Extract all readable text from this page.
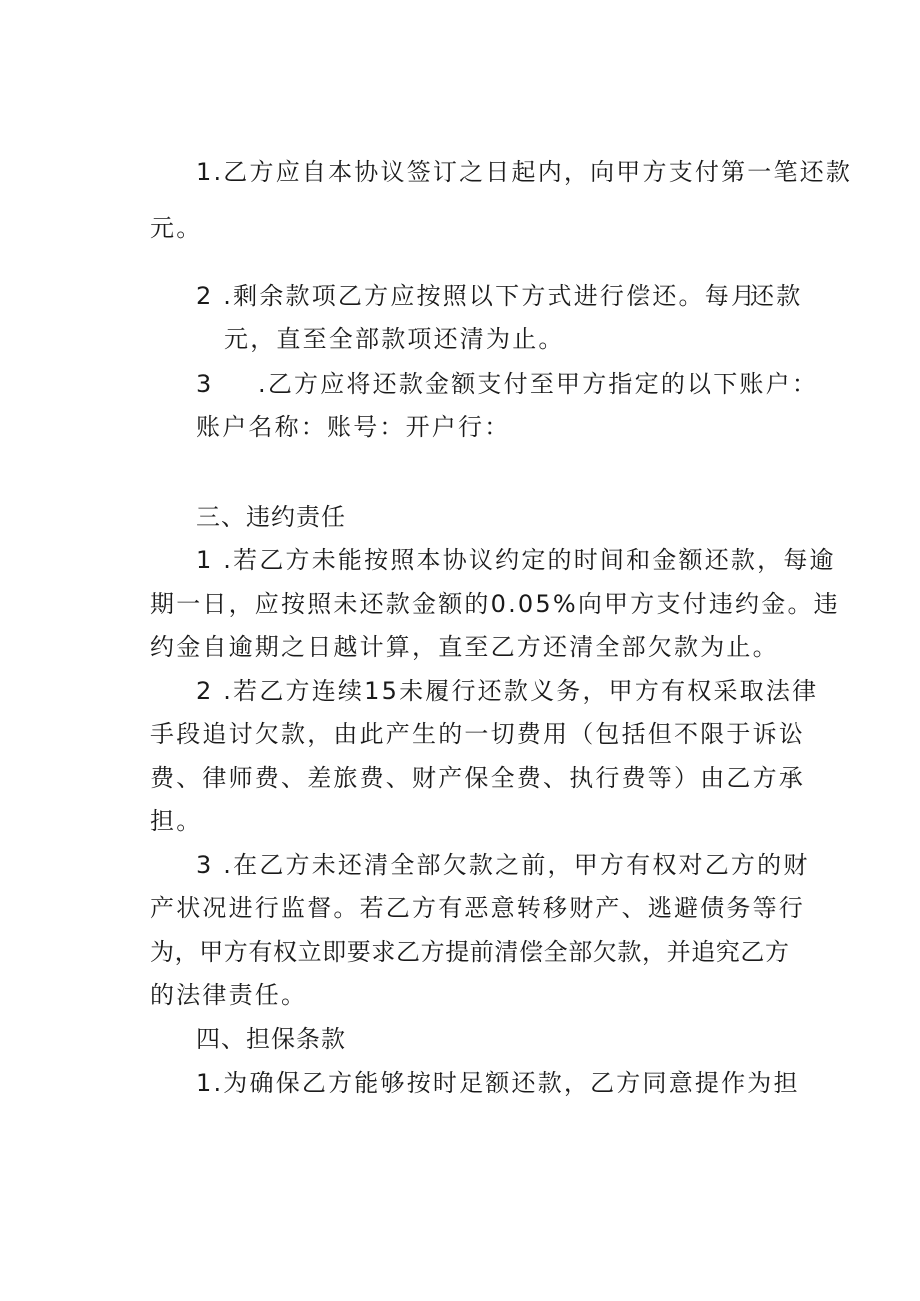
1.乙方应自本协议签订之日起内，向甲方支付第一笔还款
元。
2 .剩余款项乙方应按照以下方式进行偿还。每月
还款
元，直至全部款项还清为止。
3 .乙方应将还款金额支付至甲方指定的以下账户：
账户名称：账号：开户行：
三、违约责任
1 .若乙方未能按照本协议约定的时间和金额还款，每逾
期一日，应按照未还款金额的0.05%向甲方支付违约金。违
约金自逾期之日越计算，直至乙方还清全部欠款为止。
2 .若乙方连续15未履行还款义务，甲方有权采取法律
手段追讨欠款，由此产生的一切费用（包括但不限于诉讼
费、律师费、差旅费、财产保全费、执行费等）由乙方承
担。
3 .在乙方未还清全部欠款之前，甲方有权对乙方的财
产状况进行监督。若乙方有恶意转移财产、逃避债务等行
为，甲方有权立即要求乙方提前清偿全部欠款，并追究乙方
的法律责任。
四、担保条款
1.为确保乙方能够按时足额还款，乙方同意提作为担
